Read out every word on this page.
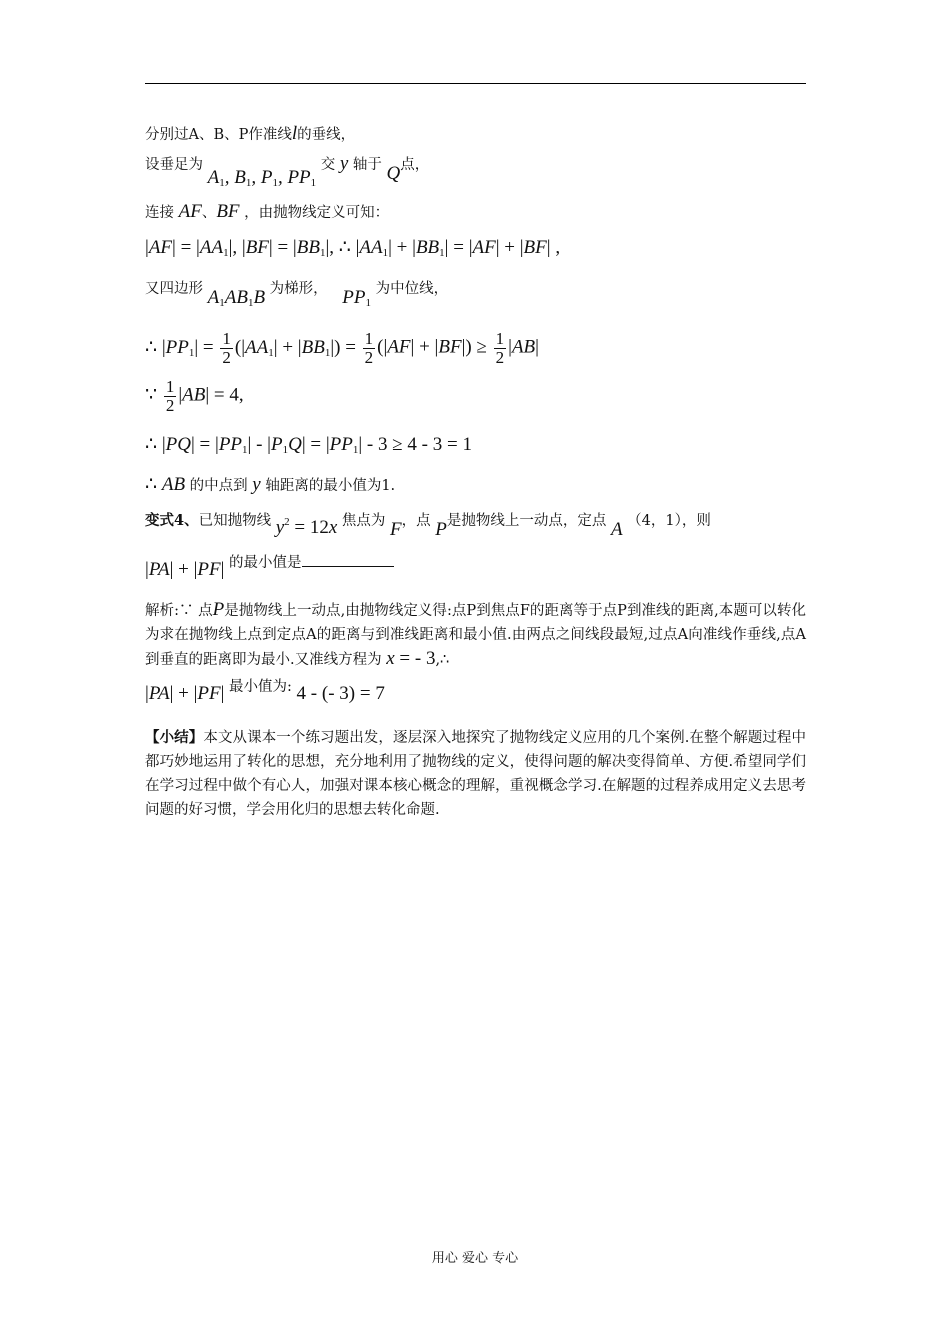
分别过A、B、P作准线l的垂线，
设垂足为 $A_1$, $B_1$, $P_1$, $PP_1$ 交 y 轴于 Q点，
连接 AF、BF ，由抛物线定义可知：
$|AF| = |AA_1|$, $|BF| = |BB_1|$, ∴ $|AA_1| + |BB_1| = |AF| + |BF|$ ,
又四边形 $A_1AB_1B$ 为梯形， $PP_1$ 为中位线，
∴ $|PP_1| = \frac{1}{2} (|AA_1| + |BB_1|) = \frac{1}{2} (|AF| + |BF|) \ge \frac{1}{2} |AB|$
∵ $\frac{1}{2} |AB| = 4$,
∴ $|PQ| = |PP_1| - |P_1Q| = |PP_1| - 3 \ge 4 - 3 = 1$
∴ AB 的中点到 y 轴距离的最小值为1.
变式4、已知抛物线 $y^2 = 12x$ 焦点为 F，点 P是抛物线上一动点，定点 A （4，1），则
|PA| + |PF| 的最小值是
解析:∵ 点P是抛物线上一动点,由抛物线定义得:点P到焦点F的距离等于点P到准线的距离,本题可以转化为求在抛物线上点到定点A的距离与到准线距离和最小值.由两点之间线段最短,过点A向准线作垂线,点A到垂直的距离即为最小.又准线方程为 x = - 3,∴
|PA| + |PF| 最小值为: 4 - (- 3) = 7
【小结】本文从课本一个练习题出发，逐层深入地探究了抛物线定义应用的几个案例.在整个解题过程中都巧妙地运用了转化的思想，充分地利用了抛物线的定义，使得问题的解决变得简单、方便.希望同学们在学习过程中做个有心人，加强对课本核心概念的理解，重视概念学习.在解题的过程养成用定义去思考问题的好习惯，学会用化归的思想去转化命题.
用心 爱心 专心
